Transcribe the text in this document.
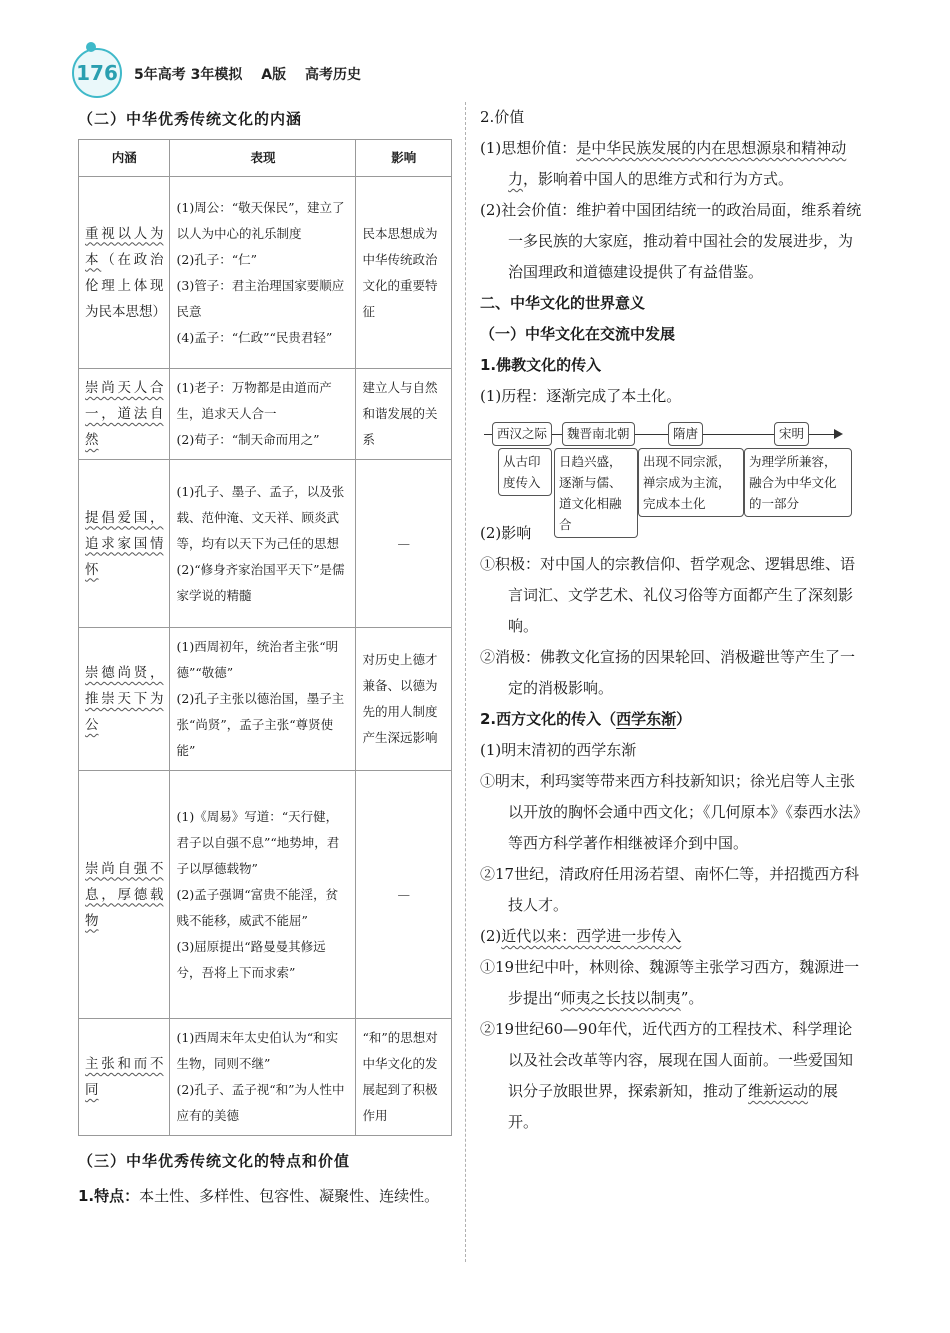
176 5年高考 3年模拟 A版 高考历史
（二）中华优秀传统文化的内涵
内涵	表现	影响
重视以人为本（在政治伦理上体现为民本思想）	(1)周公：“敬天保民”，建立了以人为中心的礼乐制度
(2)孔子：“仁”
(3)管子：君主治理国家要顺应民意
(4)孟子：“仁政”“民贵君轻”	民本思想成为中华传统政治文化的重要特征
崇尚天人合一，道法自然	(1)老子：万物都是由道而产生，追求天人合一
(2)荀子：“制天命而用之”	建立人与自然和谐发展的关系
提倡爱国，追求家国情怀	(1)孔子、墨子、孟子，以及张载、范仲淹、文天祥、顾炎武等，均有以天下为己任的思想
(2)“修身齐家治国平天下”是儒家学说的精髓	—
崇德尚贤，推崇天下为公	(1)西周初年，统治者主张“明德”“敬德”
(2)孔子主张以德治国，墨子主张“尚贤”，孟子主张“尊贤使能”	对历史上德才兼备、以德为先的用人制度产生深远影响
崇尚自强不息，厚德载物	(1)《周易》写道：“天行健，君子以自强不息”“地势坤，君子以厚德载物”
(2)孟子强调“富贵不能淫，贫贱不能移，威武不能屈”
(3)屈原提出“路曼曼其修远兮，吾将上下而求索”	—
主张和而不同	(1)西周末年太史伯认为“和实生物，同则不继”
(2)孔子、孟子视“和”为人性中应有的美德	“和”的思想对中华文化的发展起到了积极作用
（三）中华优秀传统文化的特点和价值

1.特点：本土性、多样性、包容性、凝聚性、连续性。

2.价值

(1)思想价值：是中华民族发展的内在思想源泉和精神动力，影响着中国人的思维方式和行为方式。

(2)社会价值：维护着中国团结统一的政治局面，维系着统一多民族的大家庭，推动着中国社会的发展进步，为治国理政和道德建设提供了有益借鉴。

二、中华文化的世界意义

（一）中华文化在交流中发展

1.佛教文化的传入

(1)历程：逐渐完成了本土化。

西汉之际	魏晋南北朝	隋唐	宋明
从古印度传入
日趋兴盛，逐渐与儒、道文化相融合
出现不同宗派，禅宗成为主流，完成本土化
为理学所兼容，融合为中华文化的一部分

(2)影响

①积极：对中国人的宗教信仰、哲学观念、逻辑思维、语言词汇、文学艺术、礼仪习俗等方面都产生了深刻影响。

②消极：佛教文化宣扬的因果轮回、消极避世等产生了一定的消极影响。

2.西方文化的传入（西学东渐）

(1)明末清初的西学东渐

①明末，利玛窦等带来西方科技新知识；徐光启等人主张以开放的胸怀会通中西文化；《几何原本》《泰西水法》等西方科学著作相继被译介到中国。

②17世纪，清政府任用汤若望、南怀仁等，并招揽西方科技人才。

(2)近代以来：西学进一步传入

①19世纪中叶，林则徐、魏源等主张学习西方，魏源进一步提出“师夷之长技以制夷”。

②19世纪60—90年代，近代西方的工程技术、科学理论以及社会改革等内容，展现在国人面前。一些爱国知识分子放眼世界，探索新知，推动了维新运动的展开。
